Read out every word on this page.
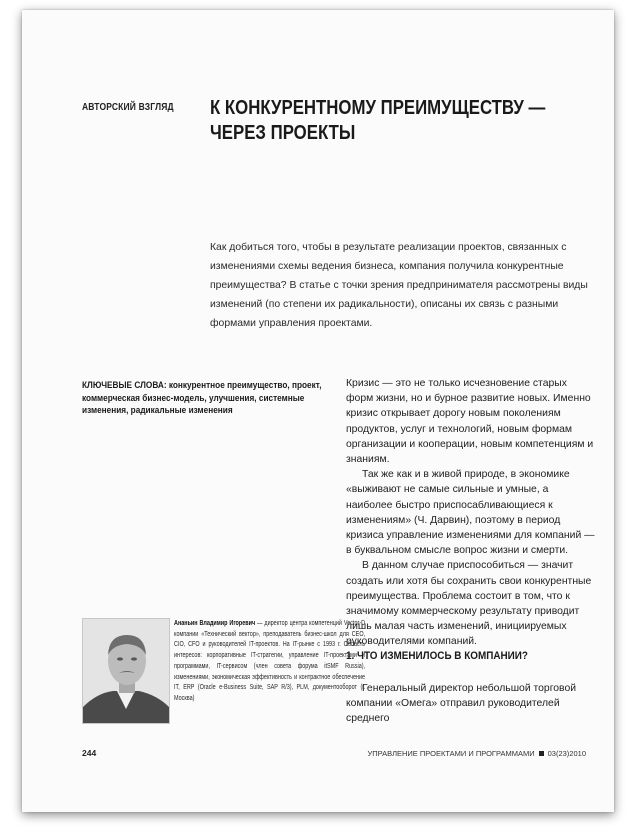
АВТОРСКИЙ ВЗГЛЯД К КОНКУРЕНТНОМУ ПРЕИМУЩЕСТВУ —
ЧЕРЕЗ ПРОЕКТЫ
Как добиться того, чтобы в результате реализации проектов, связанных с изменениями схемы ведения бизнеса, компания получила конкурентные преимущества? В статье с точки зрения предпринимателя рассмотрены виды изменений (по степени их радикальности), описаны их связь с разными формами управления проектами.
КЛЮЧЕВЫЕ СЛОВА: конкурентное преимущество, проект, коммерческая бизнес-модель, улучшения, системные изменения, радикальные изменения
Ананьин Владимир Игоревич — директор центра компетенций Vector-D компании «Технический вектор», преподаватель бизнес-школ для CEO, CIO, CFO и руководителей IT-проектов. На IT-рынке с 1993 г. Область интересов: корпоративные IT-стратегии, управление IT-проектами и программами, IT-сервисом (член совета форума itSMF Russia), изменениями, экономическая эффективность и контрактное обеспечение IT, ERP (Oracle e-Business Suite, SAP R/3), PLM, документооборот (г. Москва)

Кризис — это не только исчезновение старых форм жизни, но и бурное развитие новых. Именно кризис открывает дорогу новым поколениям продуктов, услуг и технологий, новым формам организации и кооперации, новым компетенциям и знаниям.

Так же как и в живой природе, в экономике «выживают не самые сильные и умные, а наиболее быстро приспосабливающиеся к изменениям» (Ч. Дарвин), поэтому в период кризиса управление изменениями для компаний — в буквальном смысле вопрос жизни и смерти.

В данном случае приспособиться — значит создать или хотя бы сохранить свои конкурентные преимущества. Проблема состоит в том, что к значимому коммерческому результату приводит лишь малая часть изменений, инициируемых руководителями компаний.

1. ЧТО ИЗМЕНИЛОСЬ В КОМПАНИИ?
Генеральный директор небольшой торговой компании «Омега» отправил руководителей среднего
244	УПРАВЛЕНИЕ ПРОЕКТАМИ И ПРОГРАММАМИ 03(23)2010
